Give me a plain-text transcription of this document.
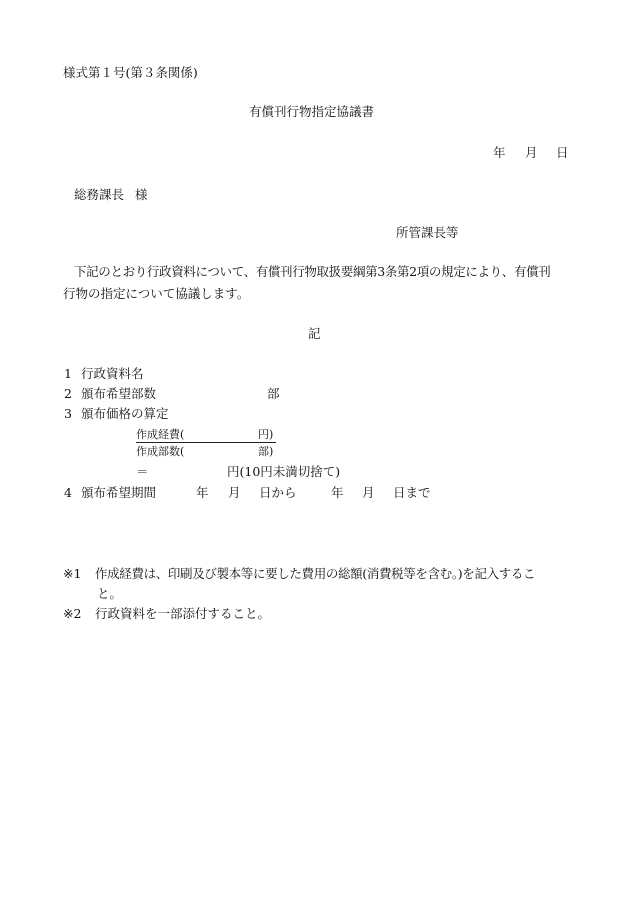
様式第１号(第３条関係)
有償刊行物指定協議書
年 月 日
総務課長 様
所管課長等
下記のとおり行政資料について、有償刊行物取扱要綱第3条第2項の規定により、有償刊
行物の指定について協議します。
記
1 行政資料名
2 頒布希望部数	部
3 頒布価格の算定
作成経費(	円)
作成部数(	部)
＝	円(10円未満切捨て)
4 頒布希望期間	年 月 日から	年 月 日まで
※1 作成経費は、印刷及び製本等に要した費用の総額(消費税等を含む。)を記入するこ
と。
※2 行政資料を一部添付すること。
